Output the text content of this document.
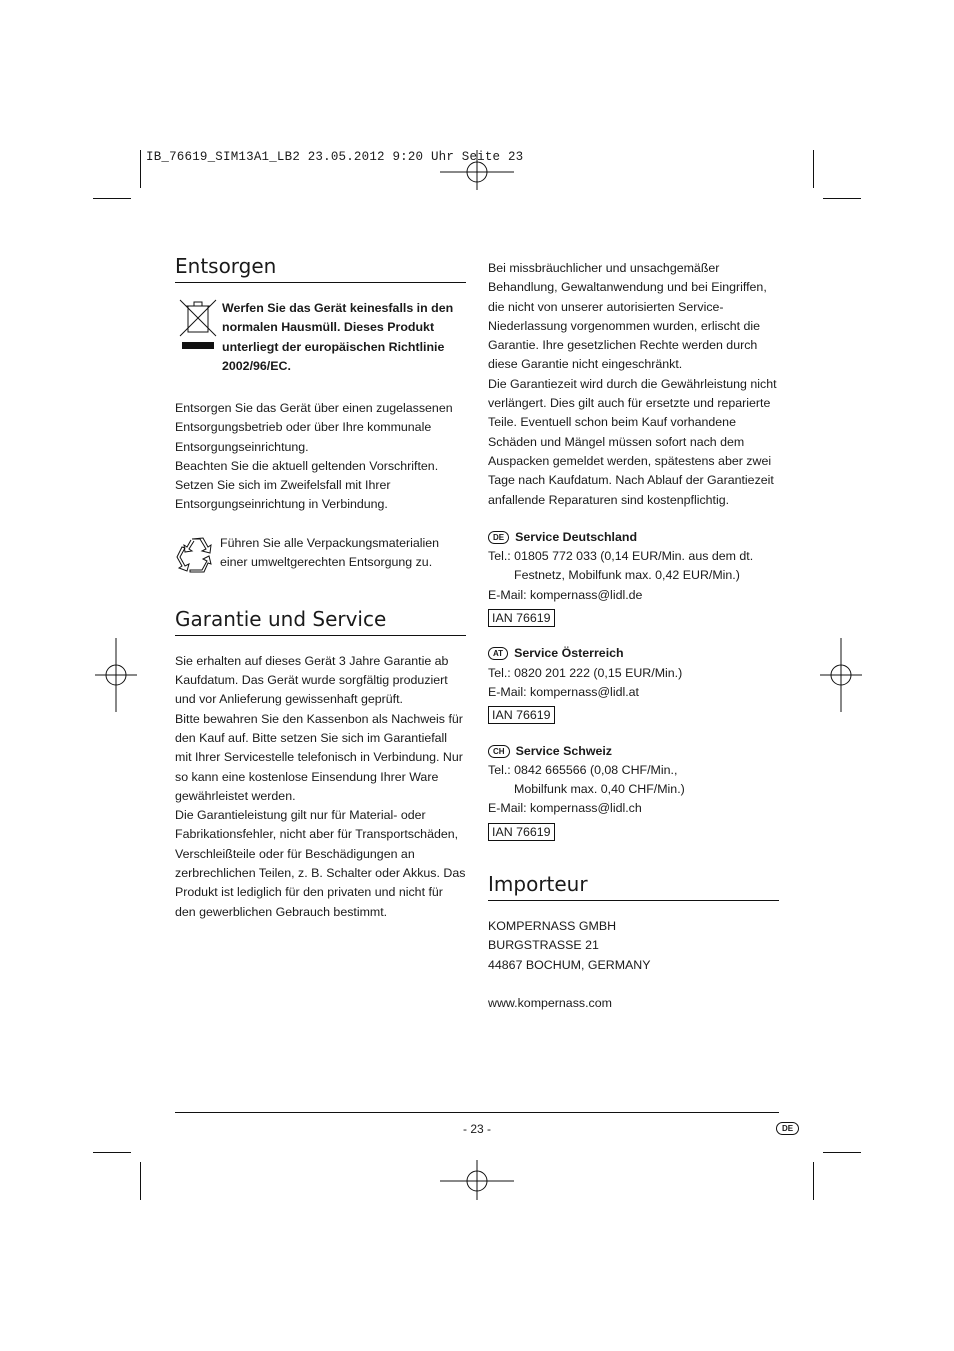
IB_76619_SIM13A1_LB2 23.05.2012 9:20 Uhr Seite 23
Entsorgen

Werfen Sie das Gerät keinesfalls in den normalen Hausmüll. Dieses Produkt unterliegt der europäischen Richtlinie 2002/96/EC.

Entsorgen Sie das Gerät über einen zugelassenen Entsorgungsbetrieb oder über Ihre kommunale Entsorgungseinrichtung.

Beachten Sie die aktuell geltenden Vorschriften. Setzen Sie sich im Zweifelsfall mit Ihrer Entsorgungseinrichtung in Verbindung.

Führen Sie alle Verpackungsmaterialien einer umweltgerechten Entsorgung zu.

Garantie und Service

Sie erhalten auf dieses Gerät 3 Jahre Garantie ab Kaufdatum. Das Gerät wurde sorgfältig produziert und vor Anlieferung gewissenhaft geprüft.

Bitte bewahren Sie den Kassenbon als Nachweis für den Kauf auf. Bitte setzen Sie sich im Garantiefall mit Ihrer Servicestelle telefonisch in Verbindung. Nur so kann eine kostenlose Einsendung Ihrer Ware gewährleistet werden.

Die Garantieleistung gilt nur für Material- oder Fabrikationsfehler, nicht aber für Transportschäden, Verschleißteile oder für Beschädigungen an zerbrechlichen Teilen, z. B. Schalter oder Akkus. Das Produkt ist lediglich für den privaten und nicht für den gewerblichen Gebrauch bestimmt.

Bei missbräuchlicher und unsachgemäßer Behandlung, Gewaltanwendung und bei Eingriffen, die nicht von unserer autorisierten Service-Niederlassung vorgenommen wurden, erlischt die Garantie. Ihre gesetzlichen Rechte werden durch diese Garantie nicht eingeschränkt.

Die Garantiezeit wird durch die Gewährleistung nicht verlängert. Dies gilt auch für ersetzte und reparierte Teile. Eventuell schon beim Kauf vorhandene Schäden und Mängel müssen sofort nach dem Auspacken gemeldet werden, spätestens aber zwei Tage nach Kaufdatum. Nach Ablauf der Garantiezeit anfallende Reparaturen sind kostenpflichtig.

DE Service Deutschland

Tel.: 01805 772 033 (0,14 EUR/Min. aus dem dt.

Festnetz, Mobilfunk max. 0,42 EUR/Min.)

E-Mail: kompernass@lidl.de

IAN 76619

AT Service Österreich

Tel.: 0820 201 222 (0,15 EUR/Min.)

E-Mail: kompernass@lidl.at

IAN 76619

CH Service Schweiz

Tel.: 0842 665566 (0,08 CHF/Min.,

Mobilfunk max. 0,40 CHF/Min.)

E-Mail: kompernass@lidl.ch

IAN 76619

Importeur

KOMPERNASS GMBH

BURGSTRASSE 21

44867 BOCHUM, GERMANY

www.kompernass.com

- 23 -	DE
